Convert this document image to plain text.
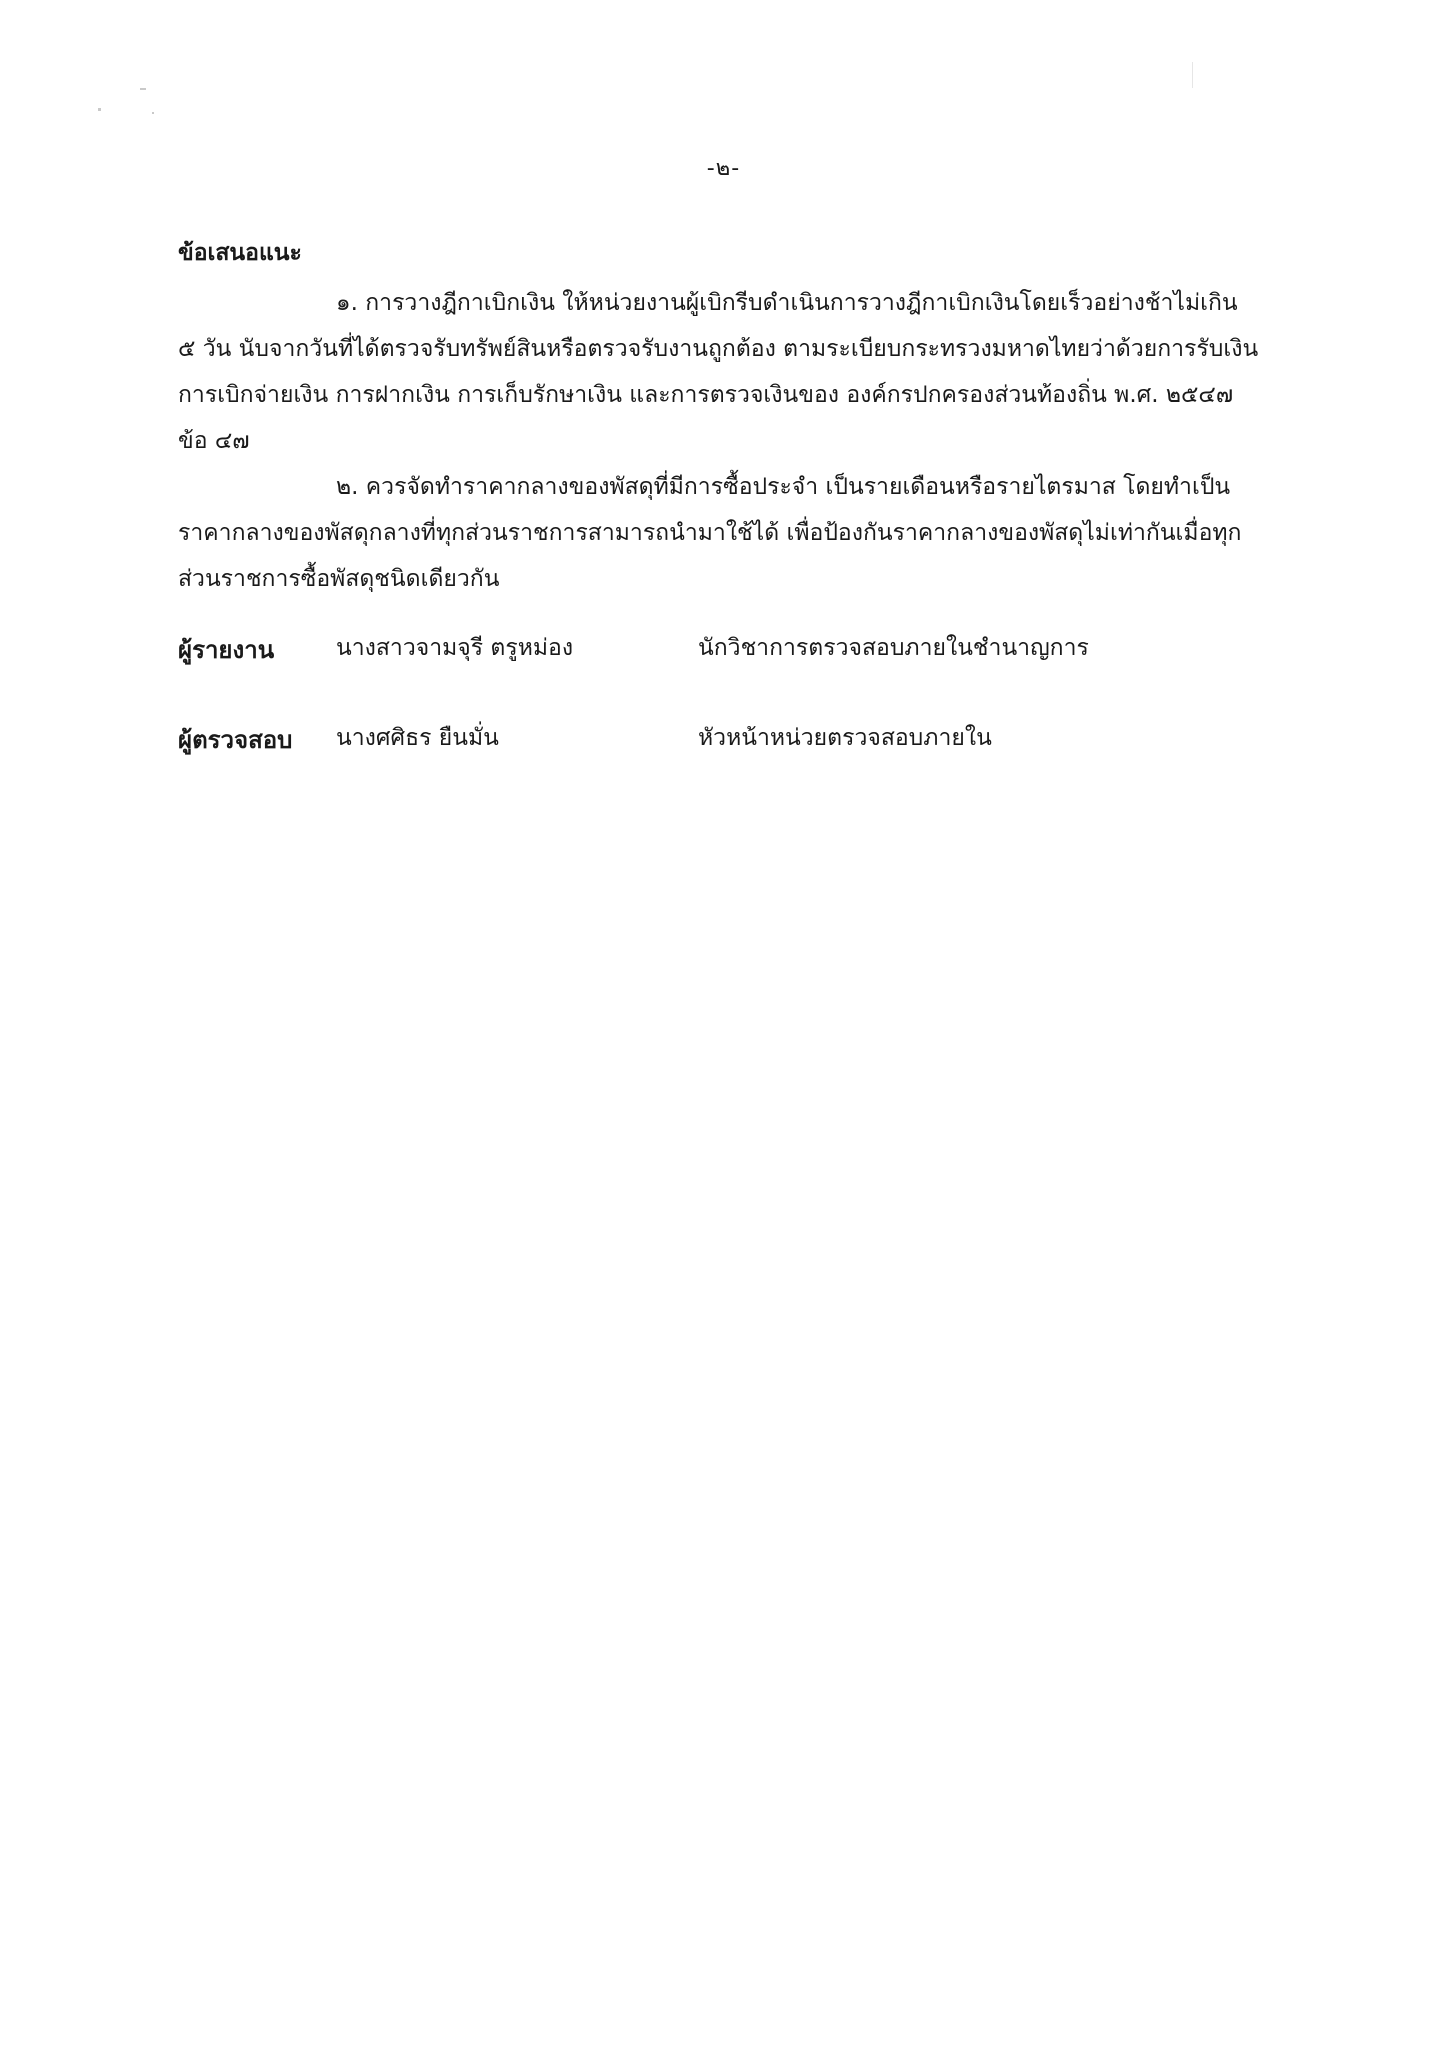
-๒-
ข้อเสนอแนะ
๑. การวางฎีกาเบิกเงิน ให้หน่วยงานผู้เบิกรีบดำเนินการวางฎีกาเบิกเงินโดยเร็วอย่างช้าไม่เกิน
๕ วัน นับจากวันที่ได้ตรวจรับทรัพย์สินหรือตรวจรับงานถูกต้อง ตามระเบียบกระทรวงมหาดไทยว่าด้วยการรับเงิน
การเบิกจ่ายเงิน การฝากเงิน การเก็บรักษาเงิน และการตรวจเงินของ องค์กรปกครองส่วนท้องถิ่น พ.ศ. ๒๕๔๗
ข้อ ๔๗
๒. ควรจัดทำราคากลางของพัสดุที่มีการซื้อประจำ เป็นรายเดือนหรือรายไตรมาส โดยทำเป็น
ราคากลางของพัสดุกลางที่ทุกส่วนราชการสามารถนำมาใช้ได้ เพื่อป้องกันราคากลางของพัสดุไม่เท่ากันเมื่อทุก
ส่วนราชการซื้อพัสดุชนิดเดียวกัน
ผู้รายงาน	นางสาวจามจุรี ตรูหม่อง	นักวิชาการตรวจสอบภายในชำนาญการ
ผู้ตรวจสอบ นางศศิธร ยืนมั่น	หัวหน้าหน่วยตรวจสอบภายใน
